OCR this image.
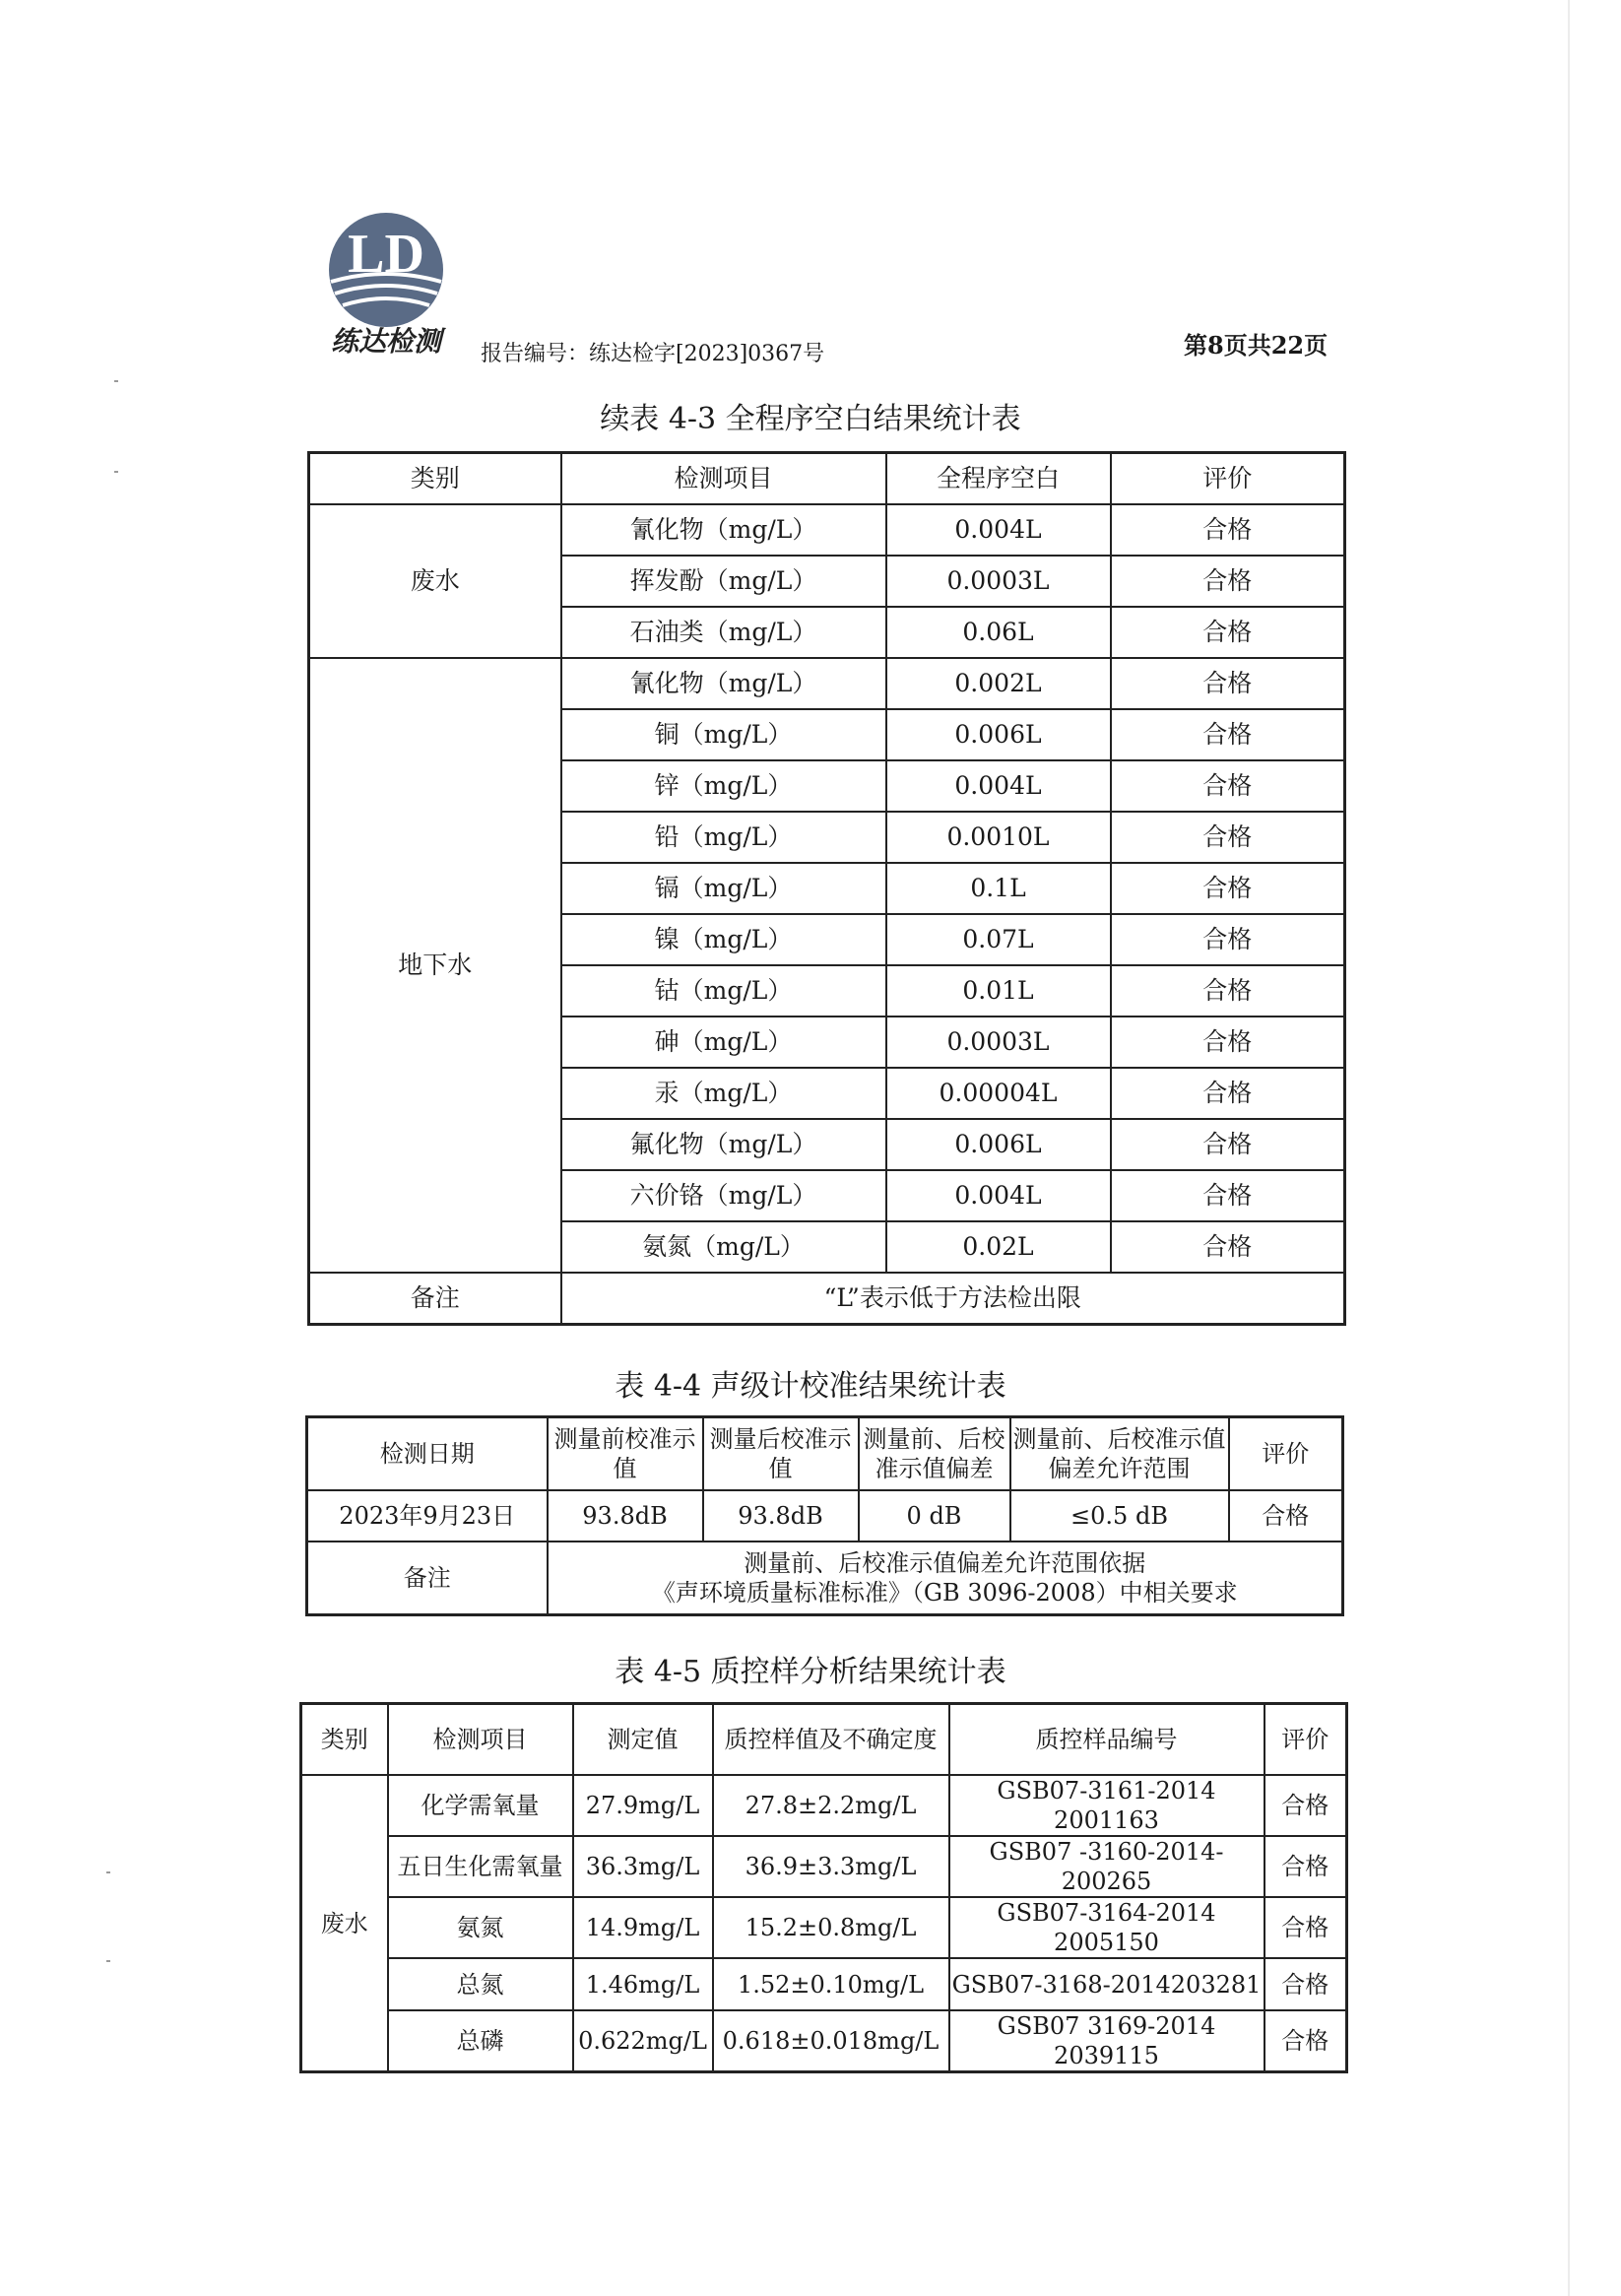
LD
练达检测 报告编号：练达检字[2023]0367号	第8页共22页
续表 4-3 全程序空白结果统计表
类别	检测项目	全程序空白	评价
废水	氰化物（mg/L）	0.004L	合格
	挥发酚（mg/L）	0.0003L	合格
	石油类（mg/L）	0.06L	合格
地下水	氰化物（mg/L）	0.002L	合格
	铜（mg/L）	0.006L	合格
	锌（mg/L）	0.004L	合格
	铅（mg/L）	0.0010L	合格
	镉（mg/L）	0.1L	合格
	镍（mg/L）	0.07L	合格
	钴（mg/L）	0.01L	合格
	砷（mg/L）	0.0003L	合格
	汞（mg/L）	0.00004L	合格
	氟化物（mg/L）	0.006L	合格
	六价铬（mg/L）	0.004L	合格
	氨氮（mg/L）	0.02L	合格
备注	“L”表示低于方法检出限		
表 4-4 声级计校准结果统计表
检测日期	测量前校准示值	测量后校准示值	测量前、后校准示值偏差	测量前、后校准示值偏差允许范围	评价
2023年9月23日	93.8dB	93.8dB	0 dB	≤0.5 dB	合格
备注	测量前、后校准示值偏差允许范围依据
《声环境质量标准标准》（GB 3096-2008）中相关要求				
表 4-5 质控样分析结果统计表
类别	检测项目	测定值	质控样值及不确定度	质控样品编号	评价
废水	化学需氧量	27.9mg/L	27.8±2.2mg/L	GSB07-3161-2014 2001163	合格
	五日生化需氧量	36.3mg/L	36.9±3.3mg/L	GSB07 -3160-2014-200265	合格
	氨氮	14.9mg/L	15.2±0.8mg/L	GSB07-3164-2014 2005150	合格
	总氮	1.46mg/L	1.52±0.10mg/L	GSB07-3168-2014203281	合格
	总磷	0.622mg/L	0.618±0.018mg/L	GSB07 3169-2014 2039115	合格
